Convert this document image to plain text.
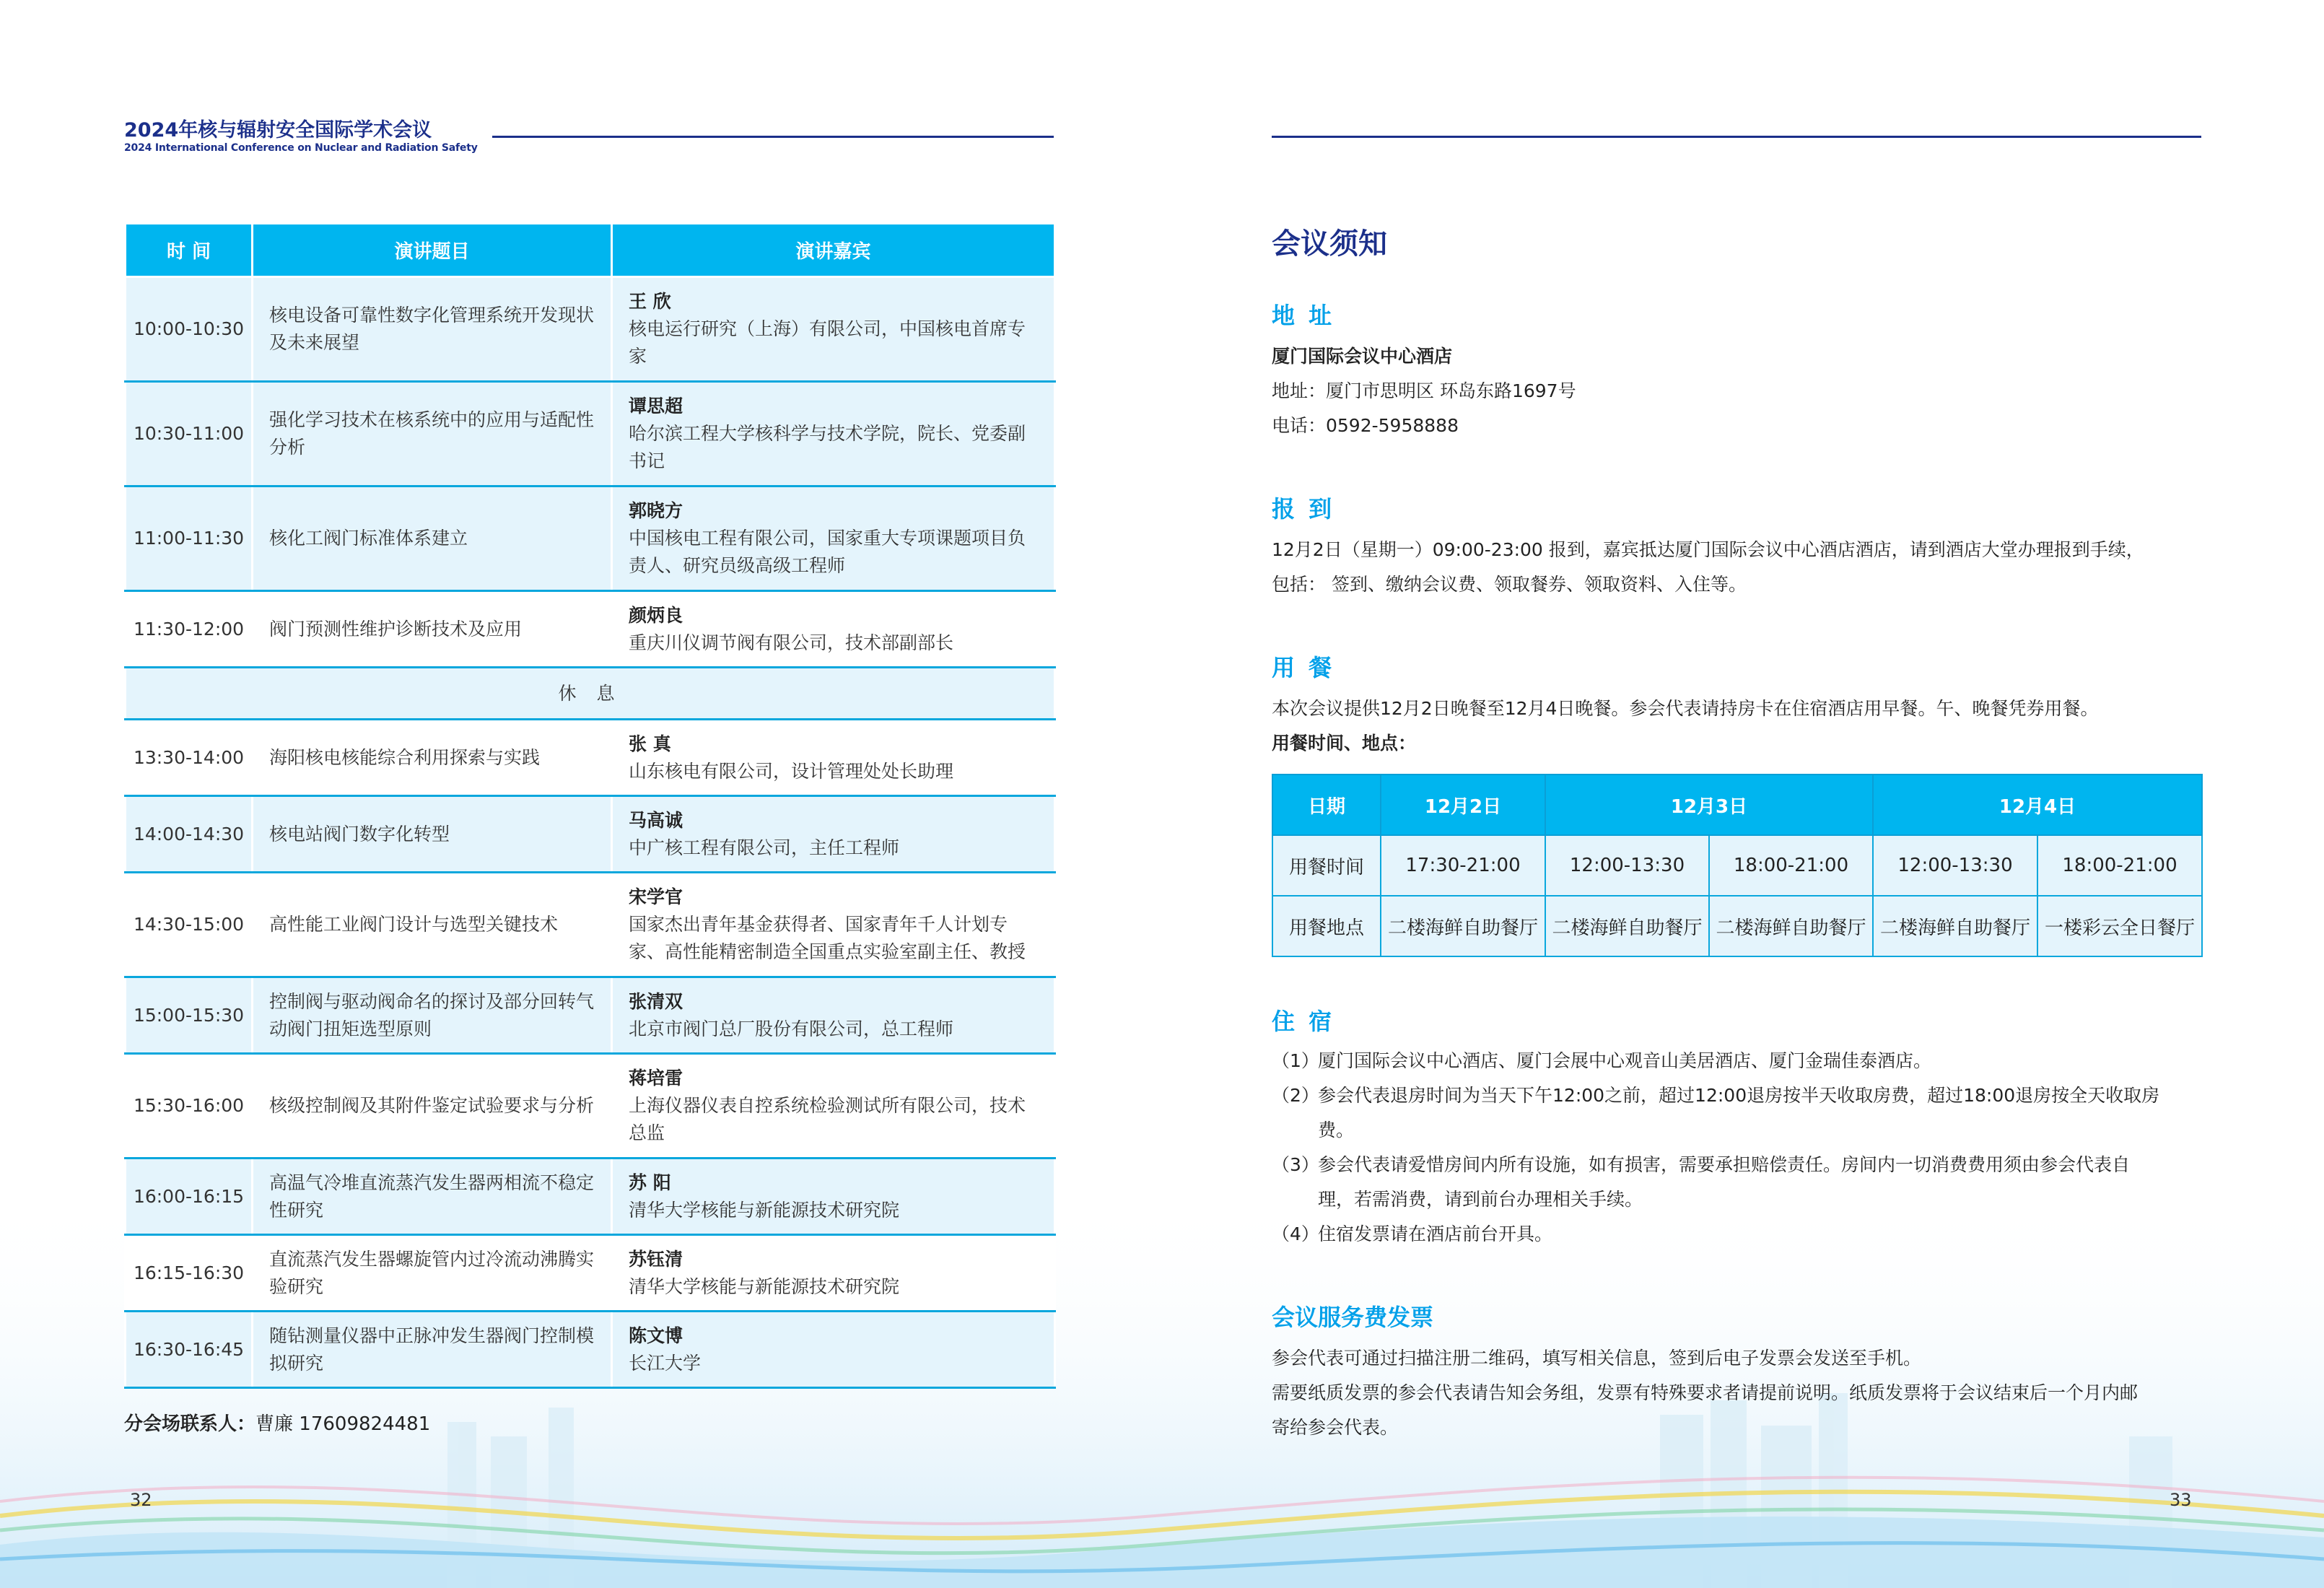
2024年核与辐射安全国际学术会议
2024 International Conference on Nuclear and Radiation Safety
时 间	演讲题目	演讲嘉宾
10:00-10:30	核电设备可靠性数字化管理系统开发现状及未来展望	王 欣
核电运行研究（上海）有限公司，中国核电首席专家

10:30-11:00	强化学习技术在核系统中的应用与适配性分析	谭思超
哈尔滨工程大学核科学与技术学院，院长、党委副书记

11:00-11:30	核化工阀门标准体系建立	郭晓方
中国核电工程有限公司，国家重大专项课题项目负责人、研究员级高级工程师

11:30-12:00	阀门预测性维护诊断技术及应用	颜炳良
重庆川仪调节阀有限公司，技术部副部长

休 息		
13:30-14:00	海阳核电核能综合利用探索与实践	张 真
山东核电有限公司，设计管理处处长助理

14:00-14:30	核电站阀门数字化转型	马高诚
中广核工程有限公司，主任工程师

14:30-15:00	高性能工业阀门设计与选型关键技术	宋学官
国家杰出青年基金获得者、国家青年千人计划专家、高性能精密制造全国重点实验室副主任、教授

15:00-15:30	控制阀与驱动阀命名的探讨及部分回转气动阀门扭矩选型原则	张清双
北京市阀门总厂股份有限公司，总工程师

15:30-16:00	核级控制阀及其附件鉴定试验要求与分析	蒋培雷
上海仪器仪表自控系统检验测试所有限公司，技术总监

16:00-16:15	高温气冷堆直流蒸汽发生器两相流不稳定性研究	苏 阳
清华大学核能与新能源技术研究院

16:15-16:30	直流蒸汽发生器螺旋管内过冷流动沸腾实验研究	苏钰清
清华大学核能与新能源技术研究院

16:30-16:45	随钻测量仪器中正脉冲发生器阀门控制模拟研究	陈文博
长江大学
分会场联系人：曹廉 17609824481
32
会议须知
地 址
厦门国际会议中心酒店
地址：厦门市思明区 环岛东路1697号
电话：0592-5958888
报 到
12月2日（星期一）09:00-23:00 报到，嘉宾抵达厦门国际会议中心酒店酒店，请到酒店大堂办理报到手续，
包括： 签到、缴纳会议费、领取餐券、领取资料、入住等。
用 餐
本次会议提供12月2日晚餐至12月4日晚餐。参会代表请持房卡在住宿酒店用早餐。午、晚餐凭券用餐。
用餐时间、地点：
日期	12月2日	12月3日		12月4日	
用餐时间	17:30-21:00	12:00-13:30	18:00-21:00	12:00-13:30	18:00-21:00
用餐地点	二楼海鲜自助餐厅	二楼海鲜自助餐厅	二楼海鲜自助餐厅	二楼海鲜自助餐厅	一楼彩云全日餐厅
住 宿
（1）
厦门国际会议中心酒店、厦门会展中心观音山美居酒店、厦门金瑞佳泰酒店。
（2）
参会代表退房时间为当天下午12:00之前，超过12:00退房按半天收取房费，超过18:00退房按全天收取房费。
（3）
参会代表请爱惜房间内所有设施，如有损害，需要承担赔偿责任。房间内一切消费费用须由参会代表自理，若需消费，请到前台办理相关手续。
（4）
住宿发票请在酒店前台开具。
会议服务费发票
参会代表可通过扫描注册二维码，填写相关信息，签到后电子发票会发送至手机。
需要纸质发票的参会代表请告知会务组，发票有特殊要求者请提前说明。纸质发票将于会议结束后一个月内邮
寄给参会代表。
33
